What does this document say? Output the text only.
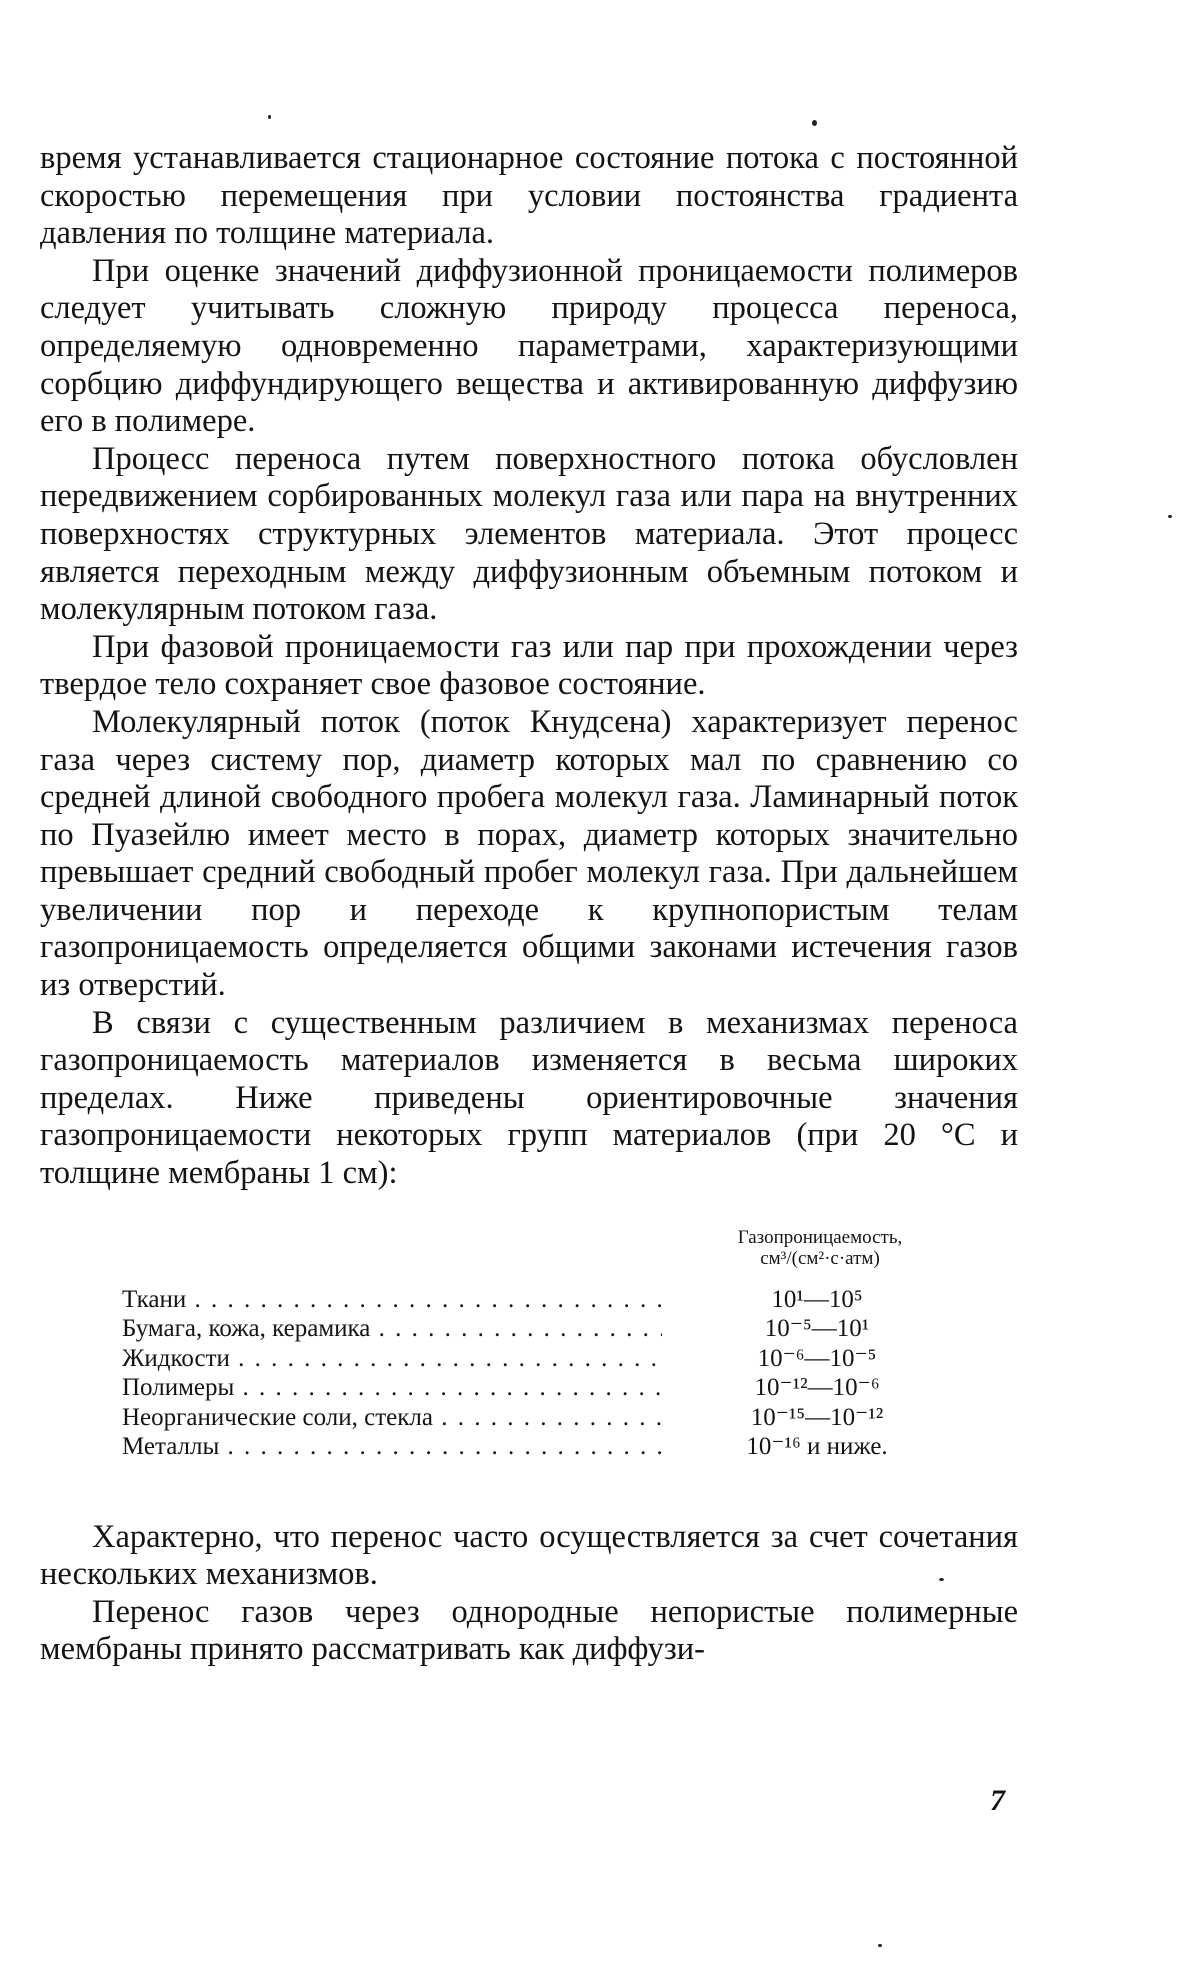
время устанавливается стационарное состояние потока с постоянной скоростью перемещения при условии постоянства градиента давления по толщине материала.

При оценке значений диффузионной проницаемости полимеров следует учитывать сложную природу процесса переноса, определяемую одновременно параметрами, характеризующими сорбцию диффундирующего вещества и активированную диффузию его в полимере.

Процесс переноса путем поверхностного потока обусловлен передвижением сорбированных молекул газа или пара на внутренних поверхностях структурных элементов материала. Этот процесс является переходным между диффузионным объемным потоком и молекулярным потоком газа.

При фазовой проницаемости газ или пар при прохождении через твердое тело сохраняет свое фазовое состояние.

Молекулярный поток (поток Кнудсена) характеризует перенос газа через систему пор, диаметр которых мал по сравнению со средней длиной свободного пробега молекул газа. Ламинарный поток по Пуазейлю имеет место в порах, диаметр которых значительно превышает средний свободный пробег молекул газа. При дальнейшем увеличении пор и переходе к крупнопористым телам газопроницаемость определяется общими законами истечения газов из отверстий.

В связи с существенным различием в механизмах переноса газопроницаемость материалов изменяется в весьма широких пределах. Ниже приведены ориентировочные значения газопроницаемости некоторых групп материалов (при 20 °С и толщине мембраны 1 см):

Газопроницаемость,
см³/(см²·с·атм)
Ткани . . .	10¹—10⁵
Бумага, кожа, керамика . . .	10⁻⁵—10¹
Жидкости . . .	10⁻⁶—10⁻⁵
Полимеры . . .	10⁻¹²—10⁻⁶
Неорганические соли, стекла . . .	10⁻¹⁵—10⁻¹²
Металлы . . .	10⁻¹⁶ и ниже.

Характерно, что перенос часто осуществляется за счет сочетания нескольких механизмов.

Перенос газов через однородные непористые полимерные мембраны принято рассматривать как диффузи-

7
